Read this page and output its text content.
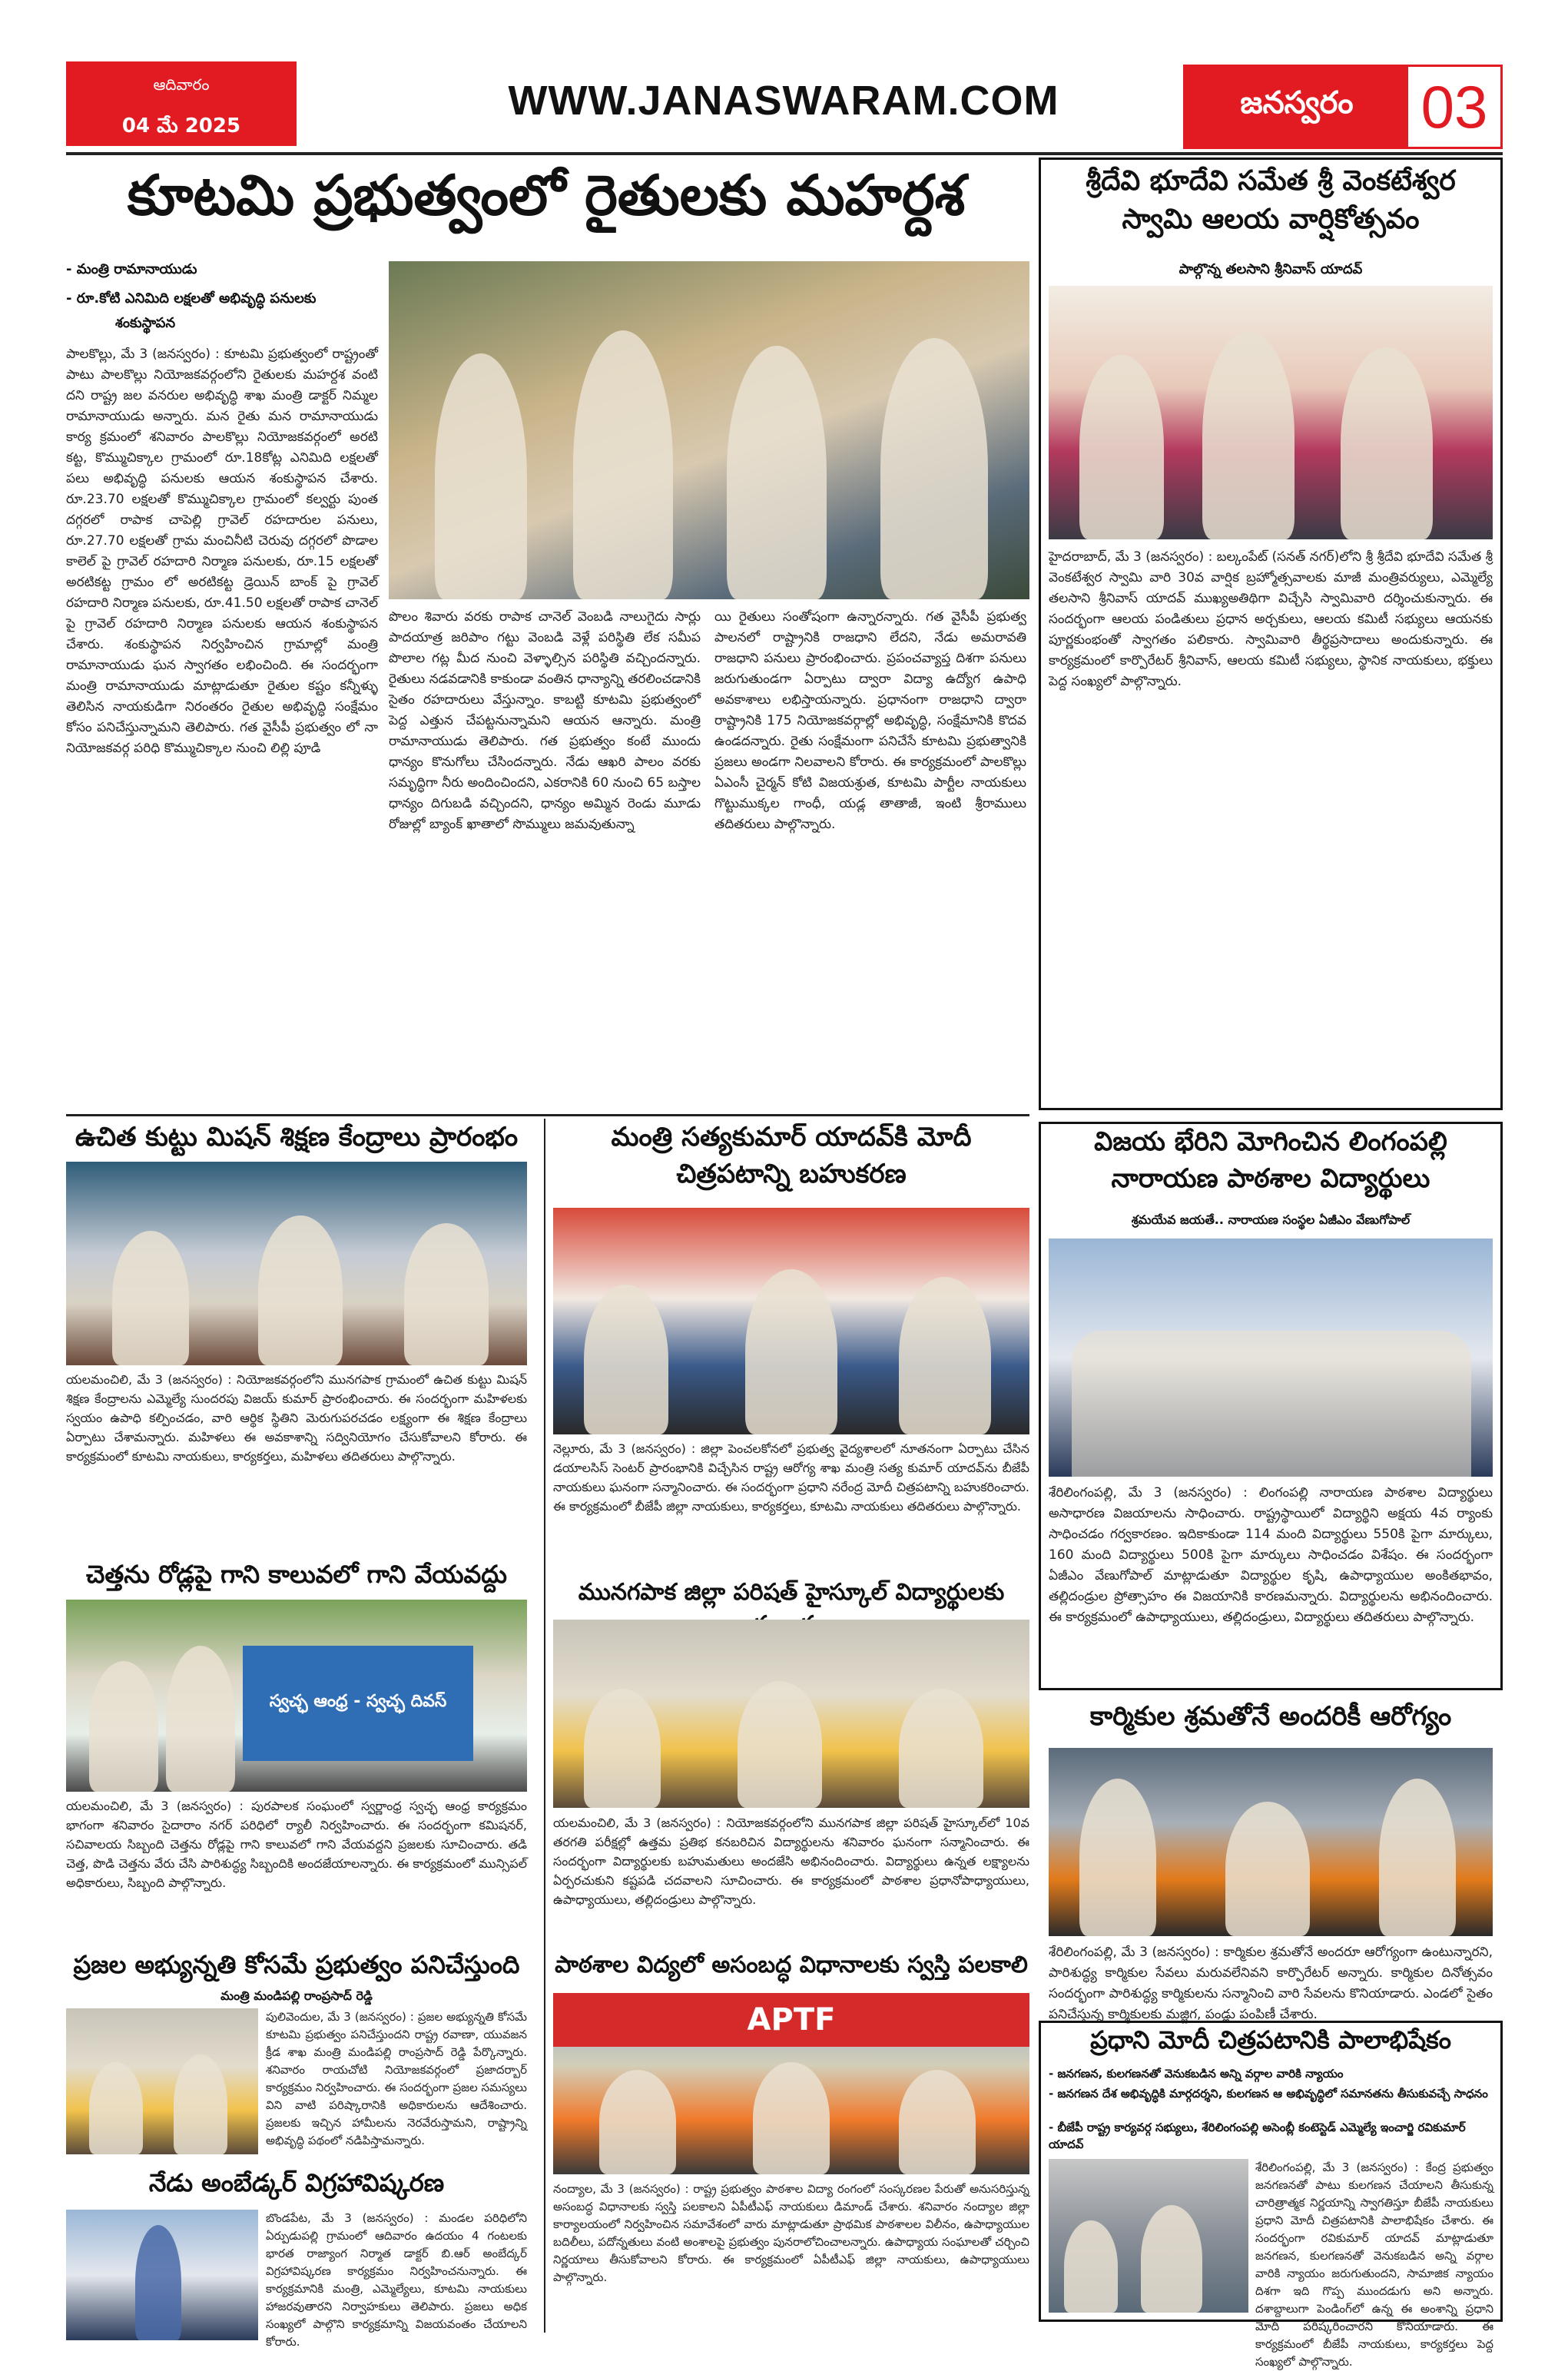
ఆదివారం
04 మే 2025
WWW.JANASWARAM.COM	జనస్వరం	03
కూటమి ప్రభుత్వంలో రైతులకు మహర్దశ
- మంత్రి రామానాయుడు
- రూ.కోటి ఎనిమిది లక్షలతో అభివృద్ధి పనులకు
శంకుస్థాపన
పాలకొల్లు, మే 3 (జనస్వరం) : కూటమి ప్రభుత్వంలో రాష్ట్రంతో పాటు పాలకొల్లు నియోజకవర్గంలోని రైతులకు మహర్దశ వంటి దని రాష్ట్ర జల వనరుల అభివృద్ధి శాఖ మంత్రి డాక్టర్ నిమ్మల రామానాయుడు అన్నారు. మన రైతు మన రామానాయుడు కార్య క్రమంలో శనివారం పాలకొల్లు నియోజకవర్గంలో అరటి కట్ట, కొమ్ముచిక్కాల గ్రామంలో రూ.18కోట్ల ఎనిమిది లక్షలతో పలు అభివృద్ధి పనులకు ఆయన శంకుస్థాపన చేశారు. రూ.23.70 లక్షలతో కొమ్ముచిక్కాల గ్రామంలో కల్వర్టు పుంత దగ్గరలో రాపాక చాపెల్లి గ్రావెల్ రహదారుల పనులు, రూ.27.70 లక్షలతో గ్రామ మంచినీటి చెరువు దగ్గరలో పొడాల కాలెల్ పై గ్రావెల్ రహదారి నిర్మాణ పనులకు, రూ.15 లక్షలతో అరటికట్ట గ్రామం లో అరటికట్ట డ్రెయిన్ బాంక్ పై గ్రావెల్ రహదారి నిర్మాణ పనులకు, రూ.41.50 లక్షలతో రాపాక చానెల్ పై గ్రావెల్ రహదారి నిర్మాణ పనులకు ఆయన శంకుస్థాపన చేశారు. శంకుస్థాపన నిర్వహించిన గ్రామాల్లో మంత్రి రామానాయుడు ఘన స్వాగతం లభించింది. ఈ సందర్భంగా మంత్రి రామానాయుడు మాట్లాడుతూ రైతుల కష్టం కన్నీళ్ళు తెలిసిన నాయకుడిగా నిరంతరం రైతుల అభివృద్ధి సంక్షేమం కోసం పనిచేస్తున్నామని తెలిపారు. గత వైసీపీ ప్రభుత్వం లో నా నియోజకవర్గ పరిధి కొమ్ముచిక్కాల నుంచి లిల్లి పూడి
పొలం శివారు వరకు రాపాక చానెల్ వెంబడి నాలుగైదు సార్లు పాదయాత్ర జరిపాం గట్టు వెంబడి వెళ్లే పరిస్థితి లేక సమీప పొలాల గట్ల మీద నుంచి వెళ్ళాల్సిన పరిస్థితి వచ్చిందన్నారు. రైతులు నడవడానికి కాకుండా వంతిన ధాన్యాన్ని తరలించడానికి సైతం రహదారులు వేస్తున్నాం. కాబట్టి కూటమి ప్రభుత్వంలో పెద్ద ఎత్తున చేపట్టనున్నామని ఆయన ఆన్నారు. మంత్రి రామానాయుడు తెలిపారు. గత ప్రభుత్వం కంటే ముందు ధాన్యం కొనుగోలు చేసిందన్నారు. నేడు ఆఖరి పాలం వరకు సమృద్ధిగా నీరు అందించిందని, ఎకరానికి 60 నుంచి 65 బస్తాల ధాన్యం దిగుబడి వచ్చిందని, ధాన్యం అమ్మిన రెండు మూడు రోజుల్లో బ్యాంక్ ఖాతాలో సొమ్ములు జమవుతున్నా
యి రైతులు సంతోషంగా ఉన్నారన్నారు. గత వైసీపీ ప్రభుత్వ పాలనలో రాష్ట్రానికి రాజధాని లేదని, నేడు అమరావతి రాజధాని పనులు ప్రారంభించారు. ప్రపంచవ్యాప్త దిశగా పనులు జరుగుతుండగా ఏర్పాటు ద్వారా విద్యా ఉద్యోగ ఉపాధి అవకాశాలు లభిస్తాయన్నారు. ప్రధానంగా రాజధాని ద్వారా రాష్ట్రానికి 175 నియోజకవర్గాల్లో అభివృద్ధి, సంక్షేమానికి కొదవ ఉండదన్నారు. రైతు సంక్షేమంగా పనిచేసే కూటమి ప్రభుత్వానికి ప్రజలు అండగా నిలవాలని కోరారు. ఈ కార్యక్రమంలో పాలకొల్లు ఏఎంసీ చైర్మన్ కోటి విజయశ్రుత, కూటమి పార్టీల నాయకులు గొట్టుముక్కల గాంధీ, యడ్ల తాతాజీ, ఇంటి శ్రీరాములు తదితరులు పాల్గొన్నారు.
శ్రీదేవి భూదేవి సమేత శ్రీ వెంకటేశ్వర స్వామి ఆలయ వార్షికోత్సవం
పాల్గొన్న తలసాని శ్రీనివాస్ యాదవ్
హైదరాబాద్, మే 3 (జనస్వరం) : బల్కంపేట్ (సనత్ నగర్)లోని శ్రీ శ్రీదేవి భూదేవి సమేత శ్రీ వెంకటేశ్వర స్వామి వారి 30వ వార్షిక బ్రహ్మోత్సవాలకు మాజీ మంత్రివర్యులు, ఎమ్మెల్యే తలసాని శ్రీనివాస్ యాదవ్ ముఖ్యఅతిథిగా విచ్చేసి స్వామివారి దర్శించుకున్నారు. ఈ సందర్భంగా ఆలయ పండితులు ప్రధాన అర్చకులు, ఆలయ కమిటీ సభ్యులు ఆయనకు పూర్ణకుంభంతో స్వాగతం పలికారు. స్వామివారి తీర్థప్రసాదాలు అందుకున్నారు. ఈ కార్యక్రమంలో కార్పొరేటర్ శ్రీనివాస్, ఆలయ కమిటీ సభ్యులు, స్థానిక నాయకులు, భక్తులు పెద్ద సంఖ్యలో పాల్గొన్నారు.
విజయ భేరిని మోగించిన లింగంపల్లి నారాయణ పాఠశాల విద్యార్థులు
శ్రమయేవ జయతే.. నారాయణ సంస్థల ఏజీఎం వేణుగోపాల్
శేరిలింగంపల్లి, మే 3 (జనస్వరం) : లింగంపల్లి నారాయణ పాఠశాల విద్యార్థులు అసాధారణ విజయాలను సాధించారు. రాష్ట్రస్థాయిలో విద్యార్థిని అక్షయ 4వ ర్యాంకు సాధించడం గర్వకారణం. ఇదికాకుండా 114 మంది విద్యార్థులు 550కి పైగా మార్కులు, 160 మంది విద్యార్థులు 500కి పైగా మార్కులు సాధించడం విశేషం. ఈ సందర్భంగా ఏజీఎం వేణుగోపాల్ మాట్లాడుతూ విద్యార్థుల కృషి, ఉపాధ్యాయుల అంకితభావం, తల్లిదండ్రుల ప్రోత్సాహం ఈ విజయానికి కారణమన్నారు. విద్యార్థులను అభినందించారు. ఈ కార్యక్రమంలో ఉపాధ్యాయులు, తల్లిదండ్రులు, విద్యార్థులు తదితరులు పాల్గొన్నారు.
కార్మికుల శ్రమతోనే అందరికీ ఆరోగ్యం
శేరిలింగంపల్లి, మే 3 (జనస్వరం) : కార్మికుల శ్రమతోనే అందరూ ఆరోగ్యంగా ఉంటున్నారని, పారిశుద్ధ్య కార్మికుల సేవలు మరువలేనివని కార్పొరేటర్ అన్నారు. కార్మికుల దినోత్సవం సందర్భంగా పారిశుద్ధ్య కార్మికులను సన్మానించి వారి సేవలను కొనియాడారు. ఎండలో సైతం పనిచేస్తున్న కార్మికులకు మజ్జిగ, పండ్లు పంపిణీ చేశారు.
ప్రధాని మోదీ చిత్రపటానికి పాలాభిషేకం
- జనగణన, కులగణనతో వెనుకబడిన అన్ని వర్గాల వారికి న్యాయం
- జనగణన దేశ అభివృద్ధికి మార్గదర్శని, కులగణన ఆ అభివృద్ధిలో సమానతను తీసుకువచ్చే సాధనం
- బీజేపీ రాష్ట్ర కార్యవర్గ సభ్యులు, శేరిలింగంపల్లి అసెంబ్లీ కంటెస్టెడ్ ఎమ్మెల్యే ఇంచార్జి రవికుమార్ యాదవ్
శేరిలింగంపల్లి, మే 3 (జనస్వరం) : కేంద్ర ప్రభుత్వం జనగణనతో పాటు కులగణన చేయాలని తీసుకున్న చారిత్రాత్మక నిర్ణయాన్ని స్వాగతిస్తూ బీజేపీ నాయకులు ప్రధాని మోదీ చిత్రపటానికి పాలాభిషేకం చేశారు. ఈ సందర్భంగా రవికుమార్ యాదవ్ మాట్లాడుతూ జనగణన, కులగణనతో వెనుకబడిన అన్ని వర్గాల వారికి న్యాయం జరుగుతుందని, సామాజిక న్యాయం దిశగా ఇది గొప్ప ముందడుగు అని అన్నారు. దశాబ్దాలుగా పెండింగ్‌లో ఉన్న ఈ అంశాన్ని ప్రధాని మోదీ పరిష్కరించారని కొనియాడారు. ఈ కార్యక్రమంలో బీజేపీ నాయకులు, కార్యకర్తలు పెద్ద సంఖ్యలో పాల్గొన్నారు.
ఉచిత కుట్టు మిషన్ శిక్షణ కేంద్రాలు ప్రారంభం
యలమంచిలి, మే 3 (జనస్వరం) : నియోజకవర్గంలోని మునగపాక గ్రామంలో ఉచిత కుట్టు మిషన్ శిక్షణ కేంద్రాలను ఎమ్మెల్యే సుందరపు విజయ్ కుమార్ ప్రారంభించారు. ఈ సందర్భంగా మహిళలకు స్వయం ఉపాధి కల్పించడం, వారి ఆర్థిక స్థితిని మెరుగుపరచడం లక్ష్యంగా ఈ శిక్షణ కేంద్రాలు ఏర్పాటు చేశామన్నారు. మహిళలు ఈ అవకాశాన్ని సద్వినియోగం చేసుకోవాలని కోరారు. ఈ కార్యక్రమంలో కూటమి నాయకులు, కార్యకర్తలు, మహిళలు తదితరులు పాల్గొన్నారు.
చెత్తను రోడ్లపై గాని కాలువలో గాని వేయవద్దు
స్వచ్ఛ ఆంధ్ర - స్వచ్ఛ దివస్
యలమంచిలి, మే 3 (జనస్వరం) : పురపాలక సంఘంలో స్వర్ణాంధ్ర స్వచ్ఛ ఆంధ్ర కార్యక్రమం భాగంగా శనివారం సైదారాం నగర్ పరిధిలో ర్యాలీ నిర్వహించారు. ఈ సందర్భంగా కమిషనర్, సచివాలయ సిబ్బంది చెత్తను రోడ్లపై గాని కాలువలో గాని వేయవద్దని ప్రజలకు సూచించారు. తడి చెత్త, పొడి చెత్తను వేరు చేసి పారిశుద్ధ్య సిబ్బందికి అందజేయాలన్నారు. ఈ కార్యక్రమంలో మున్సిపల్ అధికారులు, సిబ్బంది పాల్గొన్నారు.
ప్రజల అభ్యున్నతి కోసమే ప్రభుత్వం పనిచేస్తుంది
మంత్రి మండిపల్లి రాంప్రసాద్ రెడ్డి
పులివెందుల, మే 3 (జనస్వరం) : ప్రజల అభ్యున్నతి కోసమే కూటమి ప్రభుత్వం పనిచేస్తుందని రాష్ట్ర రవాణా, యువజన క్రీడ శాఖ మంత్రి మండిపల్లి రాంప్రసాద్ రెడ్డి పేర్కొన్నారు. శనివారం రాయచోటి నియోజకవర్గంలో ప్రజాదర్బార్ కార్యక్రమం నిర్వహించారు. ఈ సందర్భంగా ప్రజల సమస్యలు విని వాటి పరిష్కారానికి అధికారులను ఆదేశించారు. ప్రజలకు ఇచ్చిన హామీలను నెరవేరుస్తామని, రాష్ట్రాన్ని అభివృద్ధి పథంలో నడిపిస్తామన్నారు.
నేడు అంబేడ్కర్ విగ్రహావిష్కరణ
బొండపేట, మే 3 (జనస్వరం) : మండల పరిధిలోని ఏర్పుడుపల్లి గ్రామంలో ఆదివారం ఉదయం 4 గంటలకు భారత రాజ్యాంగ నిర్మాత డాక్టర్ బి.ఆర్ అంబేద్కర్ విగ్రహావిష్కరణ కార్యక్రమం నిర్వహించనున్నారు. ఈ కార్యక్రమానికి మంత్రి, ఎమ్మెల్యేలు, కూటమి నాయకులు హాజరవుతారని నిర్వాహకులు తెలిపారు. ప్రజలు అధిక సంఖ్యలో పాల్గొని కార్యక్రమాన్ని విజయవంతం చేయాలని కోరారు.
మంత్రి సత్యకుమార్ యాదవ్‌కి మోదీ చిత్రపటాన్ని బహుకరణ
నెల్లూరు, మే 3 (జనస్వరం) : జిల్లా పెంచలకోనలో ప్రభుత్వ వైద్యశాలలో నూతనంగా ఏర్పాటు చేసిన డయాలసిస్ సెంటర్ ప్రారంభానికి విచ్చేసిన రాష్ట్ర ఆరోగ్య శాఖ మంత్రి సత్య కుమార్ యాదవ్‌ను బీజేపీ నాయకులు ఘనంగా సన్మానించారు. ఈ సందర్భంగా ప్రధాని నరేంద్ర మోదీ చిత్రపటాన్ని బహుకరించారు. ఈ కార్యక్రమంలో బీజేపీ జిల్లా నాయకులు, కార్యకర్తలు, కూటమి నాయకులు తదితరులు పాల్గొన్నారు.
మునగపాక జిల్లా పరిషత్ హైస్కూల్ విద్యార్థులకు
యలమంచిలి, మే 3 (జనస్వరం) : నియోజకవర్గంలోని మునగపాక జిల్లా పరిషత్ హైస్కూల్‌లో 10వ తరగతి పరీక్షల్లో ఉత్తమ ప్రతిభ కనబరిచిన విద్యార్థులను శనివారం ఘనంగా సన్మానించారు. ఈ సందర్భంగా విద్యార్థులకు బహుమతులు అందజేసి అభినందించారు. విద్యార్థులు ఉన్నత లక్ష్యాలను ఏర్పరచుకుని కష్టపడి చదవాలని సూచించారు. ఈ కార్యక్రమంలో పాఠశాల ప్రధానోపాధ్యాయులు, ఉపాధ్యాయులు, తల్లిదండ్రులు పాల్గొన్నారు.
పాఠశాల విద్యలో అసంబద్ధ విధానాలకు స్వస్తి పలకాలి
APTF
నంద్యాల, మే 3 (జనస్వరం) : రాష్ట్ర ప్రభుత్వం పాఠశాల విద్యా రంగంలో సంస్కరణల పేరుతో అనుసరిస్తున్న అసంబద్ధ విధానాలకు స్వస్తి పలకాలని ఏపీటీఎఫ్ నాయకులు డిమాండ్ చేశారు. శనివారం నంద్యాల జిల్లా కార్యాలయంలో నిర్వహించిన సమావేశంలో వారు మాట్లాడుతూ ప్రాథమిక పాఠశాలల విలీనం, ఉపాధ్యాయుల బదిలీలు, పదోన్నతులు వంటి అంశాలపై ప్రభుత్వం పునరాలోచించాలన్నారు. ఉపాధ్యాయ సంఘాలతో చర్చించి నిర్ణయాలు తీసుకోవాలని కోరారు. ఈ కార్యక్రమంలో ఏపీటీఎఫ్ జిల్లా నాయకులు, ఉపాధ్యాయులు పాల్గొన్నారు.
